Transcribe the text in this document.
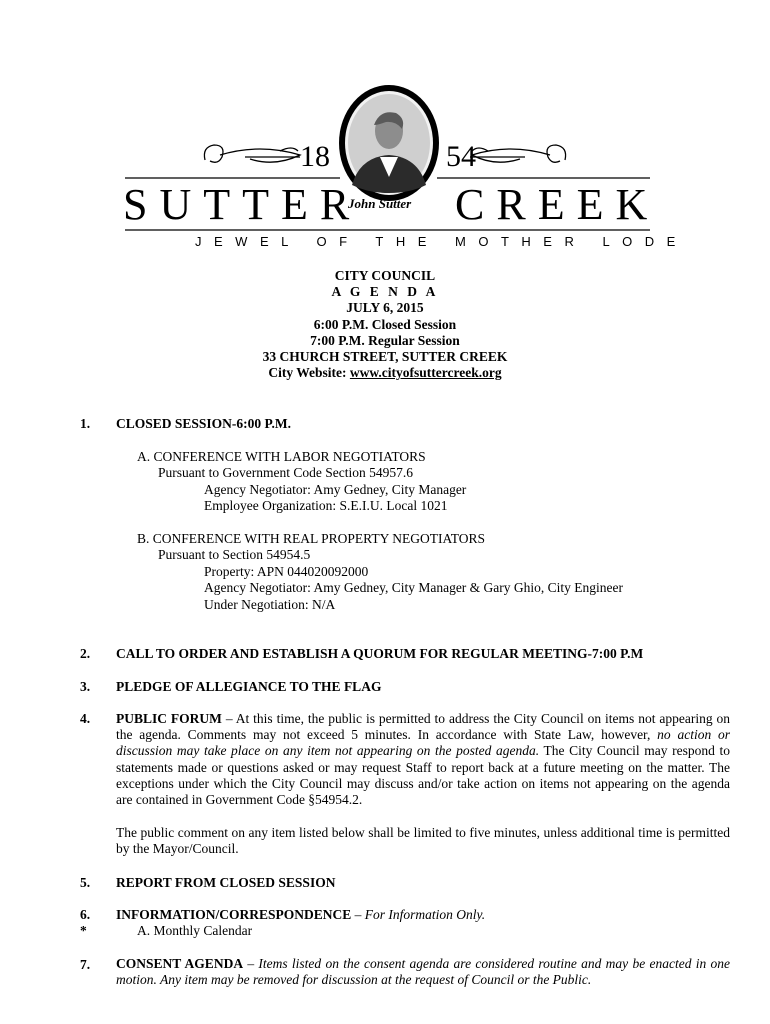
18	54
SUTTER CREEK
John Sutter
JEWEL OF THE MOTHER LODE
CITY COUNCIL
A G E N D A
JULY 6, 2015
6:00 P.M. Closed Session
7:00 P.M. Regular Session
33 CHURCH STREET, SUTTER CREEK
City Website: www.cityofsuttercreek.org
1. CLOSED SESSION-6:00 P.M.
A. CONFERENCE WITH LABOR NEGOTIATORS
Pursuant to Government Code Section 54957.6
Agency Negotiator: Amy Gedney, City Manager
Employee Organization: S.E.I.U. Local 1021
B. CONFERENCE WITH REAL PROPERTY NEGOTIATORS
Pursuant to Section 54954.5
Property: APN 044020092000
Agency Negotiator: Amy Gedney, City Manager & Gary Ghio, City Engineer
Under Negotiation: N/A
2. CALL TO ORDER AND ESTABLISH A QUORUM FOR REGULAR MEETING-7:00 P.M
3. PLEDGE OF ALLEGIANCE TO THE FLAG
4. PUBLIC FORUM – At this time, the public is permitted to address the City Council on items not appearing on the agenda. Comments may not exceed 5 minutes. In accordance with State Law, however, no action or discussion may take place on any item not appearing on the posted agenda. The City Council may respond to statements made or questions asked or may request Staff to report back at a future meeting on the matter. The exceptions under which the City Council may discuss and/or take action on items not appearing on the agenda are contained in Government Code §54954.2.
The public comment on any item listed below shall be limited to five minutes, unless additional time is permitted by the Mayor/Council.
5. REPORT FROM CLOSED SESSION
6. INFORMATION/CORRESPONDENCE – For Information Only.
*	A. Monthly Calendar
7. CONSENT AGENDA – Items listed on the consent agenda are considered routine and may be enacted in one motion. Any item may be removed for discussion at the request of Council or the Public.
